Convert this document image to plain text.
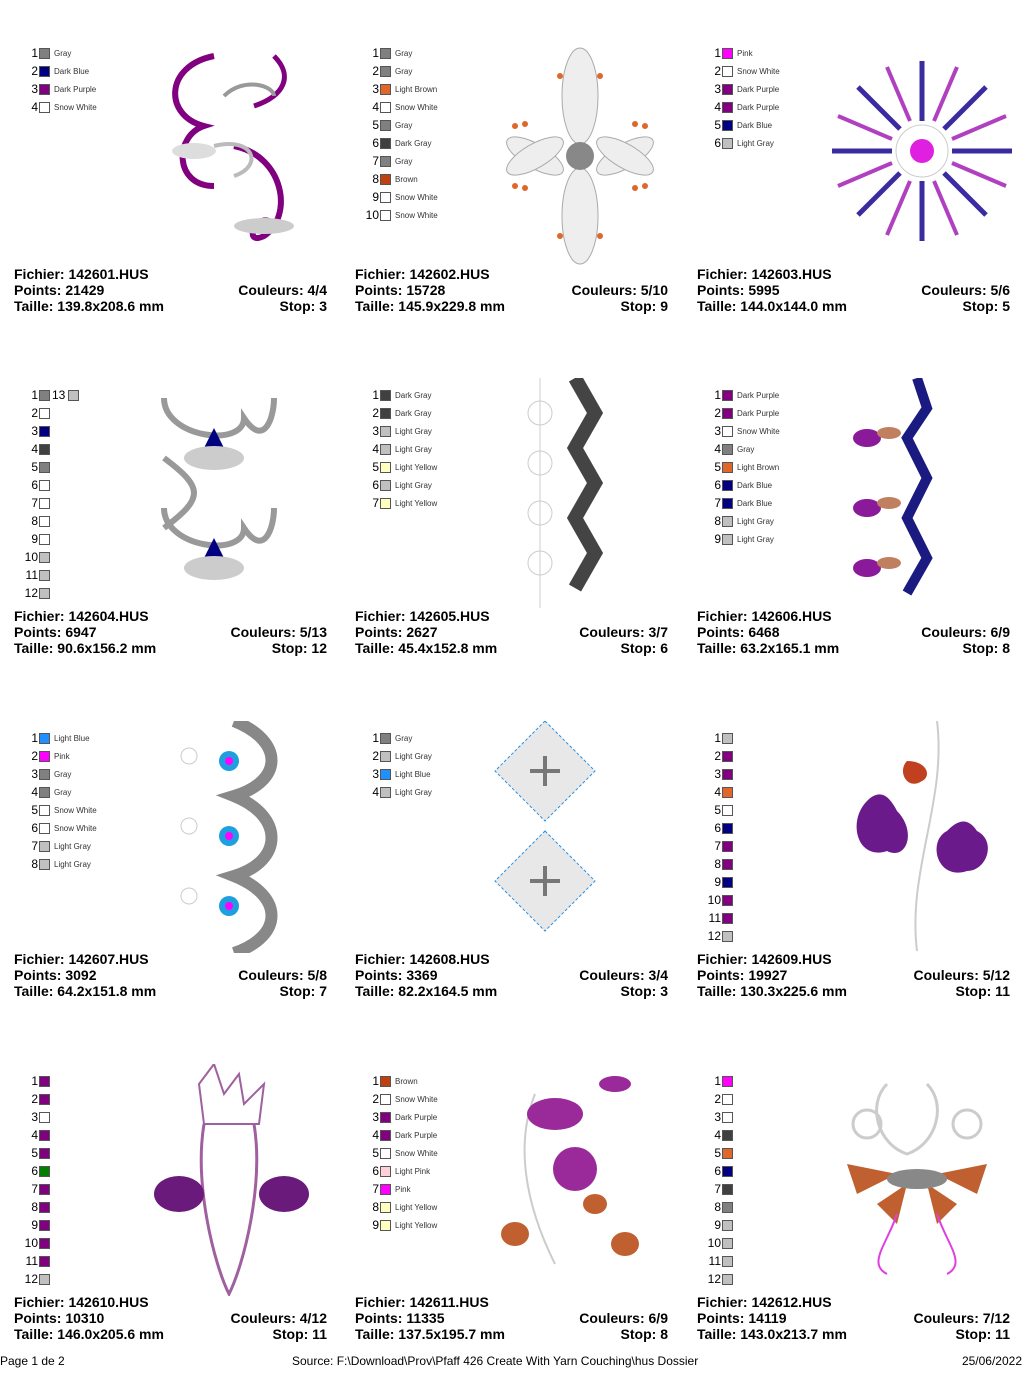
1 Gray
2 Dark Blue
3 Dark Purple
4 Snow White
Fichier: 142601.HUS
Points: 21429	Couleurs: 4/4
Taille: 139.8x208.6 mm	Stop: 3
1 Gray
2 Gray
3 Light Brown
4 Snow White
5 Gray
6 Dark Gray
7 Gray
8 Brown
9 Snow White
10 Snow White
Fichier: 142602.HUS
Points: 15728	Couleurs: 5/10
Taille: 145.9x229.8 mm	Stop: 9
1 Pink
2 Snow White
3 Dark Purple
4 Dark Purple
5 Dark Blue
6 Light Gray
Fichier: 142603.HUS
Points: 5995	Couleurs: 5/6
Taille: 144.0x144.0 mm	Stop: 5
1 13
2
3
4
5
6
7
8
9
10
11
12
Fichier: 142604.HUS
Points: 6947	Couleurs: 5/13
Taille: 90.6x156.2 mm	Stop: 12
1 Dark Gray
2 Dark Gray
3 Light Gray
4 Light Gray
5 Light Yellow
6 Light Gray
7 Light Yellow
Fichier: 142605.HUS
Points: 2627	Couleurs: 3/7
Taille: 45.4x152.8 mm	Stop: 6
1 Dark Purple
2 Dark Purple
3 Snow White
4 Gray
5 Light Brown
6 Dark Blue
7 Dark Blue
8 Light Gray
9 Light Gray
Fichier: 142606.HUS
Points: 6468	Couleurs: 6/9
Taille: 63.2x165.1 mm	Stop: 8
1 Light Blue
2 Pink
3 Gray
4 Gray
5 Snow White
6 Snow White
7 Light Gray
8 Light Gray
Fichier: 142607.HUS
Points: 3092	Couleurs: 5/8
Taille: 64.2x151.8 mm	Stop: 7
1 Gray
2 Light Gray
3 Light Blue
4 Light Gray
Fichier: 142608.HUS
Points: 3369	Couleurs: 3/4
Taille: 82.2x164.5 mm	Stop: 3
1
2
3
4
5
6
7
8
9
10
11
12
Fichier: 142609.HUS
Points: 19927	Couleurs: 5/12
Taille: 130.3x225.6 mm	Stop: 11
1
2
3
4
5
6
7
8
9
10
11
12
Fichier: 142610.HUS
Points: 10310	Couleurs: 4/12
Taille: 146.0x205.6 mm	Stop: 11
1 Brown
2 Snow White
3 Dark Purple
4 Dark Purple
5 Snow White
6 Light Pink
7 Pink
8 Light Yellow
9 Light Yellow
Fichier: 142611.HUS
Points: 11335	Couleurs: 6/9
Taille: 137.5x195.7 mm	Stop: 8
1
2
3
4
5
6
7
8
9
10
11
12
Fichier: 142612.HUS
Points: 14119	Couleurs: 7/12
Taille: 143.0x213.7 mm	Stop: 11
Page 1 de 2	Source: F:\Download\Prov\Pfaff 426 Create With Yarn Couching\hus Dossier	25/06/2022
